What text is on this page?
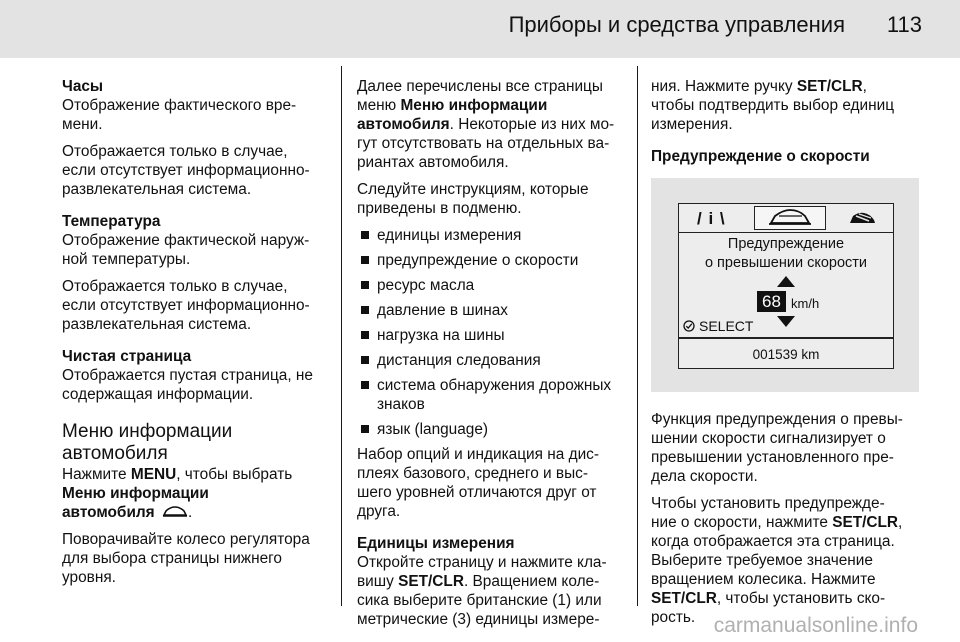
Приборы и средства управления 113
Часы

Отображение фактического вре-
мени.

Отображается только в случае,
если отсутствует информационно-
развлекательная система.

Температура

Отображение фактической наруж-
ной температуры.

Отображается только в случае,
если отсутствует информационно-
развлекательная система.

Чистая страница

Отображается пустая страница, не
содержащая информации.

Меню информации
автомобиля

Нажмите MENU, чтобы выбрать
Меню информации
автомобиля .

Поворачивайте колесо регулятора
для выбора страницы нижнего
уровня.

Далее перечислены все страницы
меню Меню информации
автомобиля. Некоторые из них мо-
гут отсутствовать на отдельных ва-
риантах автомобиля.

Следуйте инструкциям, которые
приведены в подменю.

единицы измерения
предупреждение о скорости
ресурс масла
давление в шинах
нагрузка на шины
дистанция следования
система обнаружения дорожных знаков
язык (language)

Набор опций и индикация на дис-
плеях базового, среднего и выс-
шего уровней отличаются друг от
друга.

Единицы измерения

Откройте страницу и нажмите кла-
вишу SET/CLR. Вращением коле-
сика выберите британские (1) или
метрические (3) единицы измере-

ния. Нажмите ручку SET/CLR,
чтобы подтвердить выбор единиц
измерения.

Предупреждение о скорости
/ i \
Предупреждение
о превышении скорости
68 km/h
SELECT
001539 km

Функция предупреждения о превы-
шении скорости сигнализирует о
превышении установленного пре-
дела скорости.

Чтобы установить предупрежде-
ние о скорости, нажмите SET/CLR,
когда отображается эта страница.
Выберите требуемое значение
вращением колесика. Нажмите
SET/CLR, чтобы установить ско-
рость. carmanualsonline.info
